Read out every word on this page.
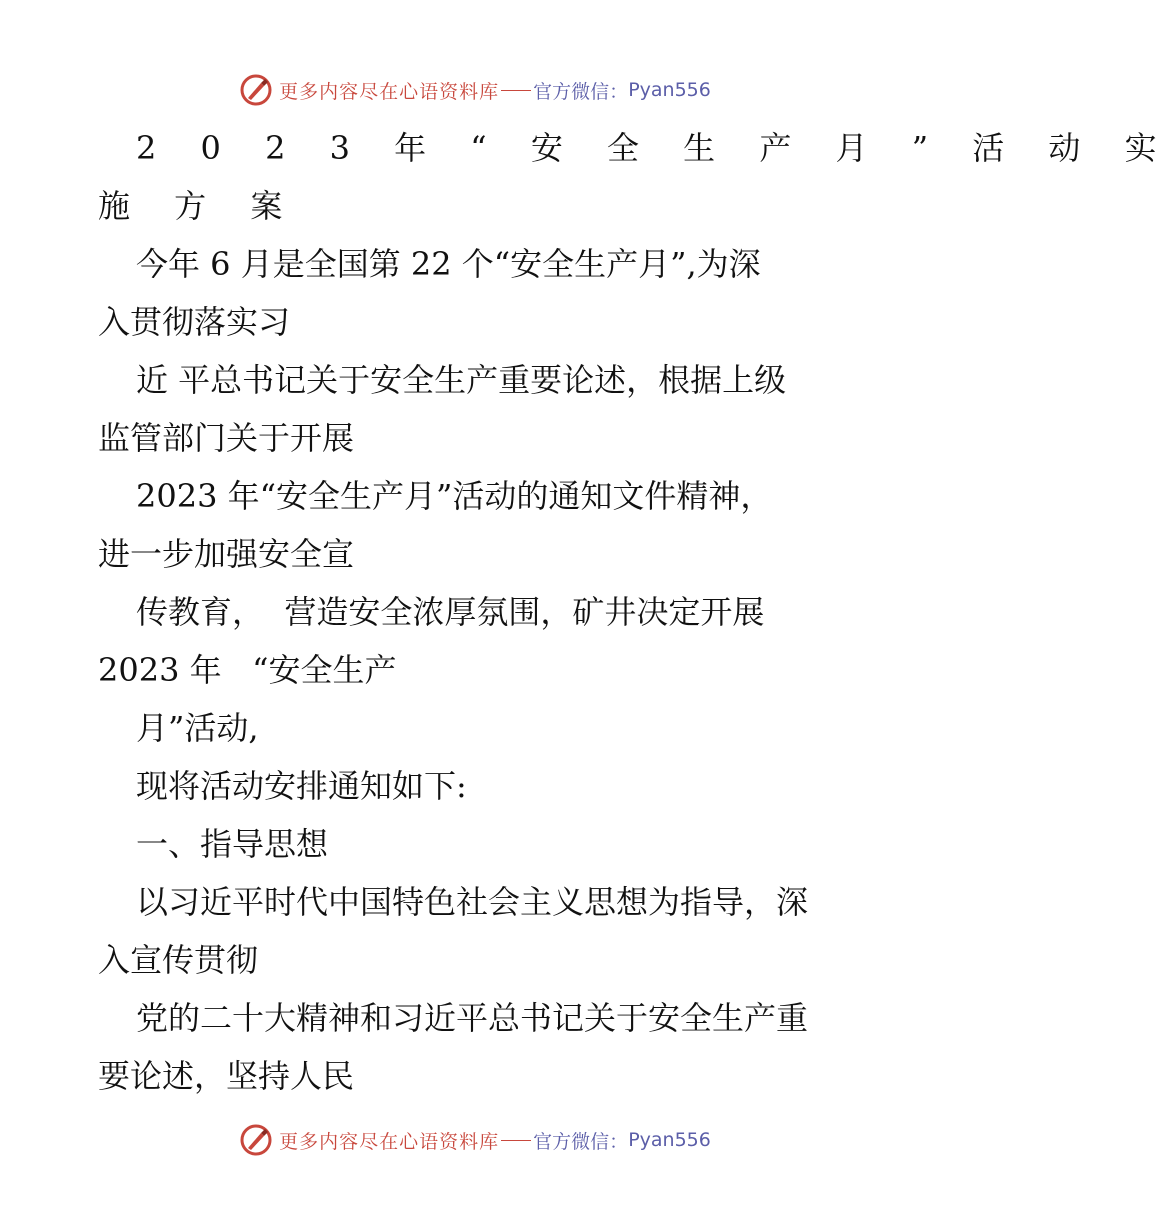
更多内容尽在心语资料库 官方微信： Pyan556
2 0 2 3 年 “ 安 全 生 产 月 ” 活 动 实
施 方 案
今年 6 月是全国第 22 个“安全生产月”,为深
入贯彻落实习
近 平总书记关于安全生产重要论述，根据上级
监管部门关于开展
2023 年“安全生产月”活动的通知文件精神，
进一步加强安全宣
传教育，  营造安全浓厚氛围，矿井决定开展
2023 年   “安全生产
月”活动,
现将活动安排通知如下:
一、指导思想
以习近平时代中国特色社会主义思想为指导，深
入宣传贯彻
党的二十大精神和习近平总书记关于安全生产重
要论述，坚持人民
更多内容尽在心语资料库 官方微信： Pyan556
